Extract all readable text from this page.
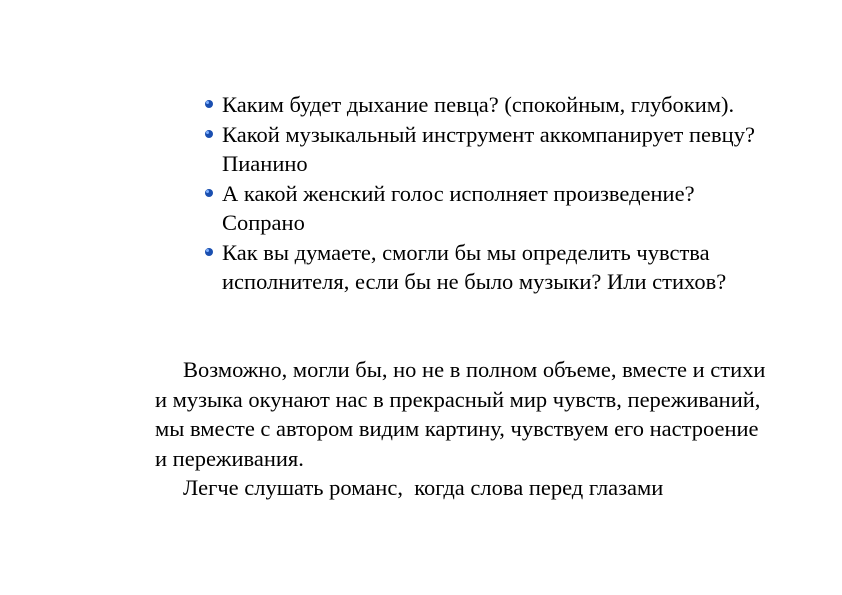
Каким будет дыхание певца? (спокойным, глубоким).
Какой музыкальный инструмент аккомпанирует певцу? Пианино
А какой женский голос исполняет произведение? Сопрано
Как вы думаете, смогли бы мы определить чувства исполнителя, если бы не было музыки? Или стихов?

Возможно, могли бы, но не в полном объеме, вместе и стихи и музыка окунают нас в прекрасный мир чувств, переживаний, мы вместе с автором видим картину, чувствуем его настроение и переживания.

Легче слушать романс,  когда слова перед глазами
